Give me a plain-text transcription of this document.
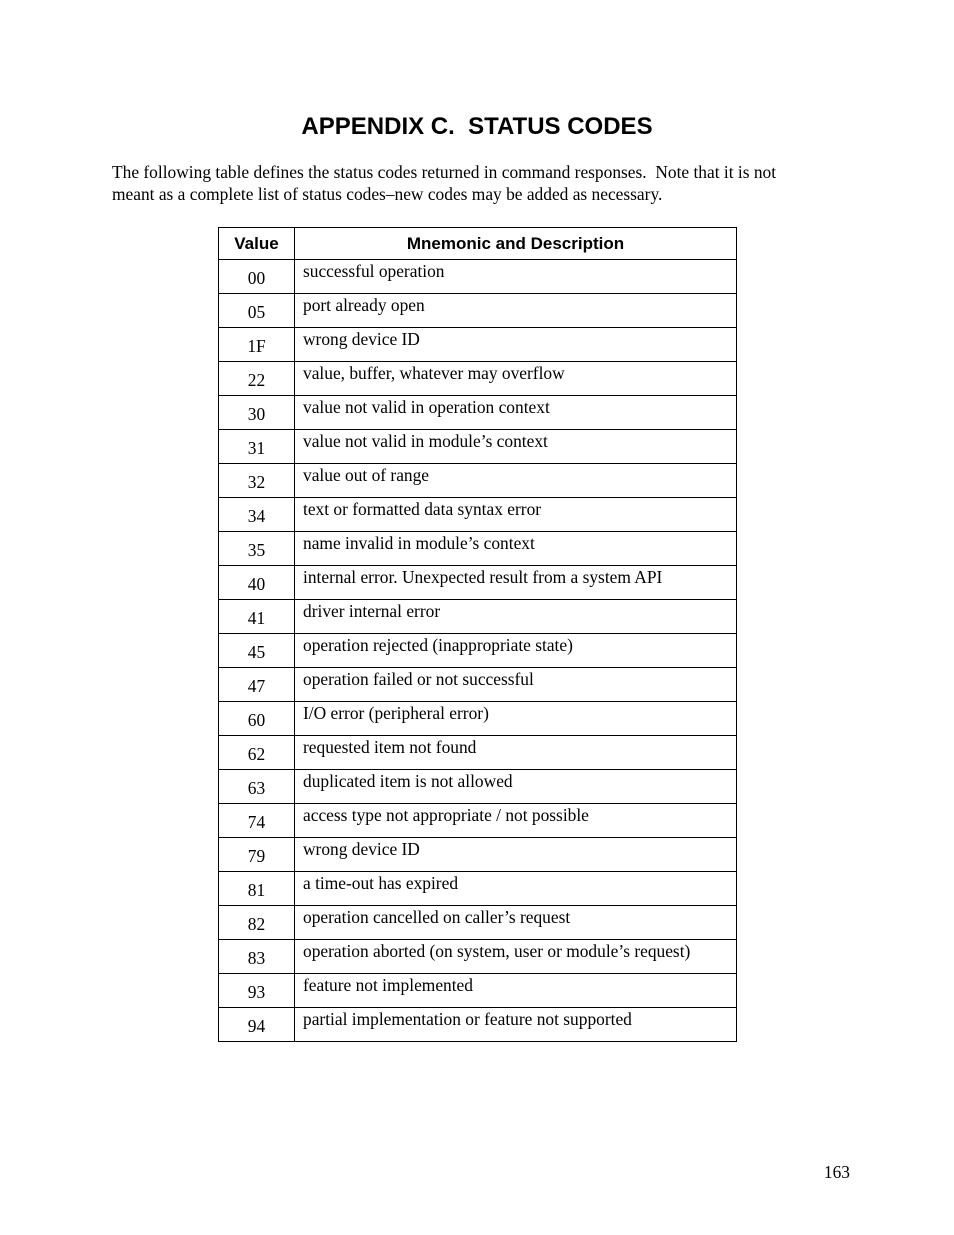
APPENDIX C.  STATUS CODES

The following table defines the status codes returned in command responses.  Note that it is not
meant as a complete list of status codes–new codes may be added as necessary.

Value	Mnemonic and Description
00	successful operation
05	port already open
1F	wrong device ID
22	value, buffer, whatever may overflow
30	value not valid in operation context
31	value not valid in module’s context
32	value out of range
34	text or formatted data syntax error
35	name invalid in module’s context
40	internal error. Unexpected result from a system API
41	driver internal error
45	operation rejected (inappropriate state)
47	operation failed or not successful
60	I/O error (peripheral error)
62	requested item not found
63	duplicated item is not allowed
74	access type not appropriate / not possible
79	wrong device ID
81	a time-out has expired
82	operation cancelled on caller’s request
83	operation aborted (on system, user or module’s request)
93	feature not implemented
94	partial implementation or feature not supported
163
